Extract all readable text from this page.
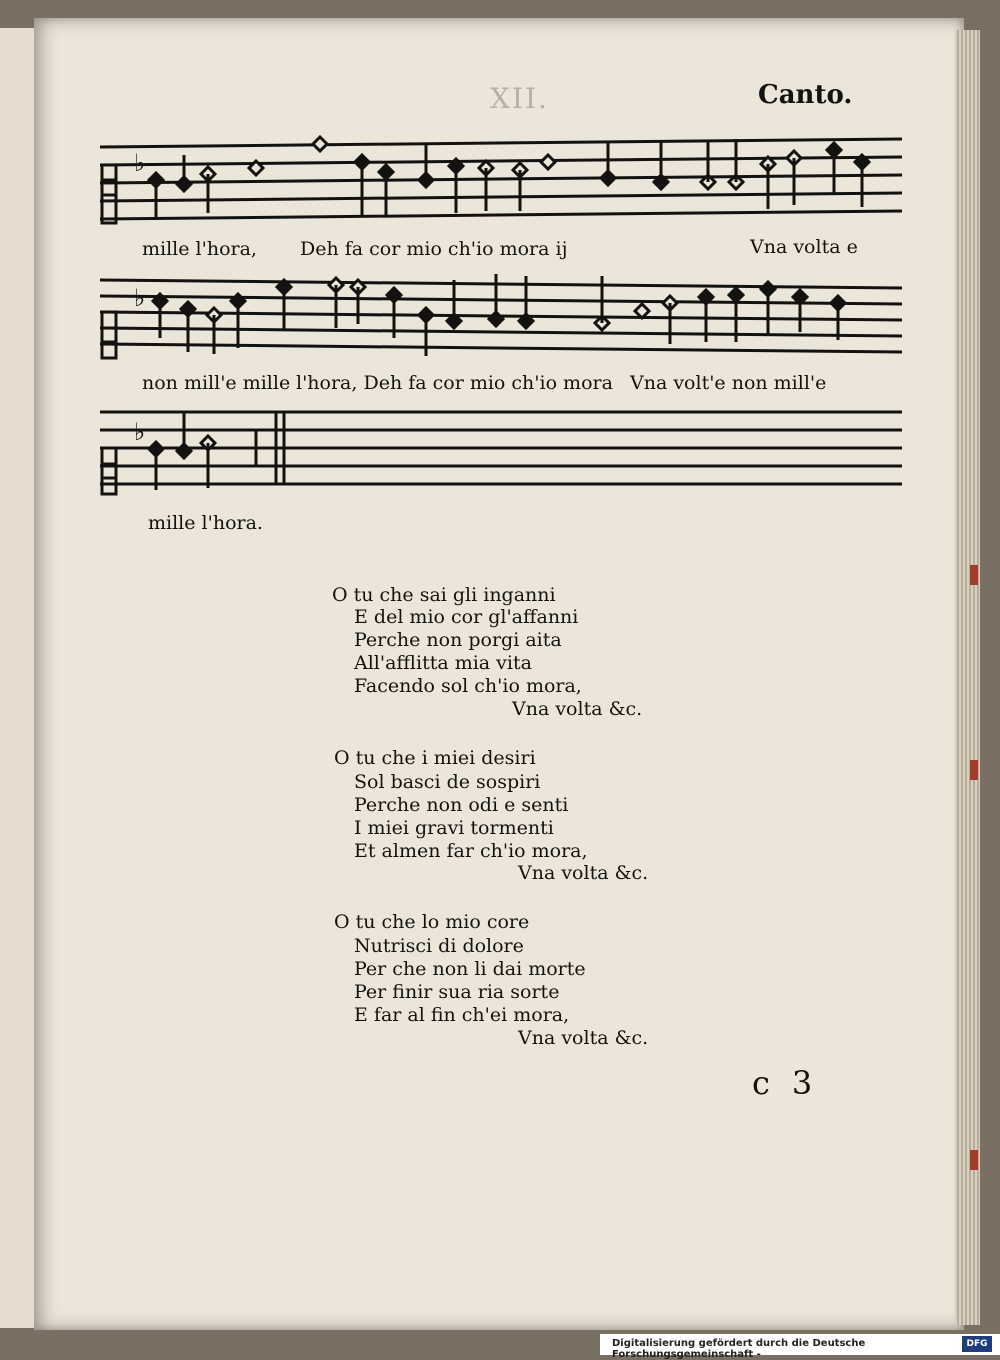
XII.	Canto.
♭
mille l'hora, Deh fa cor mio ch'io mora ij	Vna volta e
♭
non mill'e mille l'hora, Deh fa cor mio ch'io mora Vna volt'e non mill'e
♭
mille l'hora.
O tu che sai gli inganni
E del mio cor gl'affanni
Perche non porgi aita
All'afflitta mia vita
Facendo sol ch'io mora,
Vna volta &c.
O tu che i miei desiri
Sol basci de sospiri
Perche non odi e senti
I miei gravi tormenti
Et almen far ch'io mora,
Vna volta &c.
O tu che lo mio core
Nutrisci di dolore
Per che non li dai morte
Per finir sua ria sorte
E far al fin ch'ei mora,
Vna volta &c.
c 3
Digitalisierung gefördert durch die Deutsche Forschungsgemeinschaft -
DFG
